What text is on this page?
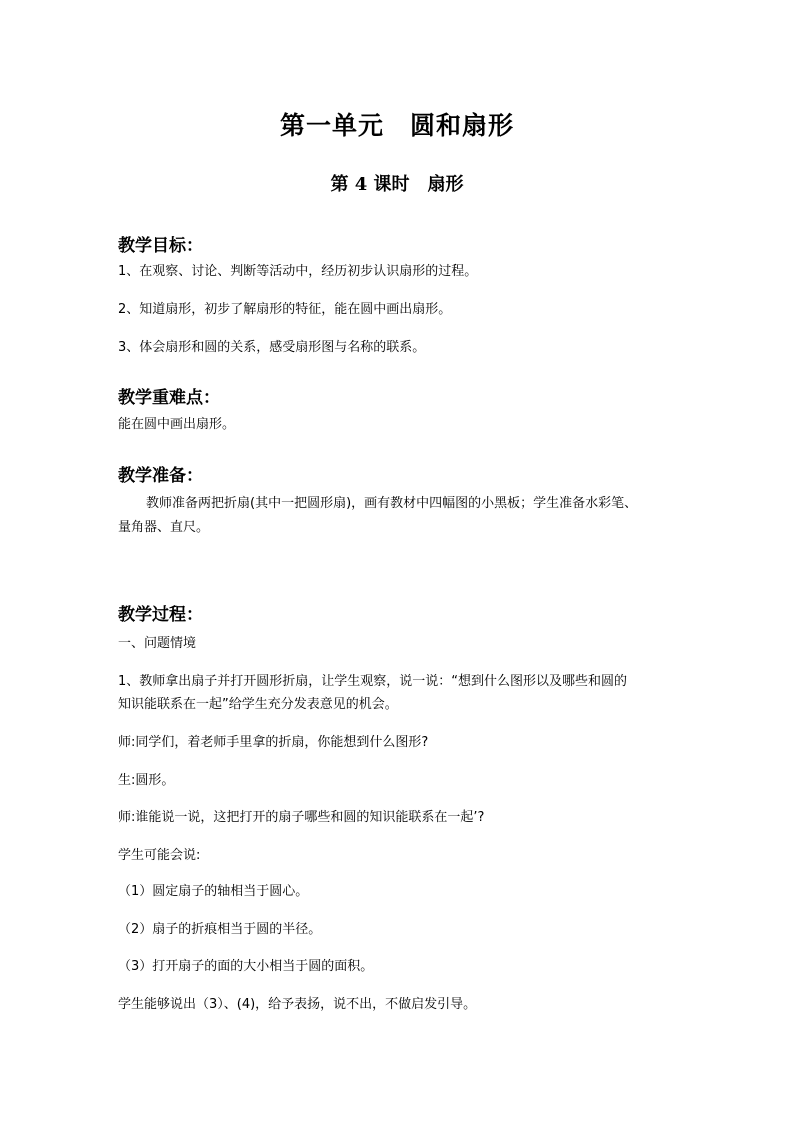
第一单元　圆和扇形
第 4 课时　扇形
教学目标：
1、在观察、讨论、判断等活动中，经历初步认识扇形的过程。
2、知道扇形，初步了解扇形的特征，能在圆中画出扇形。
3、体会扇形和圆的关系，感受扇形图与名称的联系。
教学重难点：
能在圆中画出扇形。
教学准备：
教师准备两把折扇(其中一把圆形扇)，画有教材中四幅图的小黑板；学生准备水彩笔、
量角器、直尺。
教学过程：
一、问题情境
1、教师拿出扇子并打开圆形折扇，让学生观察，说一说：“想到什么图形以及哪些和圆的
知识能联系在一起”给学生充分发表意见的机会。
师:同学们，着老师手里拿的折扇，你能想到什么图形?
生:圆形。
师:谁能说一说，这把打开的扇子哪些和圆的知识能联系在一起’?
学生可能会说:
（1）圆定扇子的轴相当于圆心。
（2）扇子的折痕相当于圆的半径。
（3）打开扇子的面的大小相当于圆的面积。
学生能够说出（3）、(4)，给予表扬，说不出，不做启发引导。
